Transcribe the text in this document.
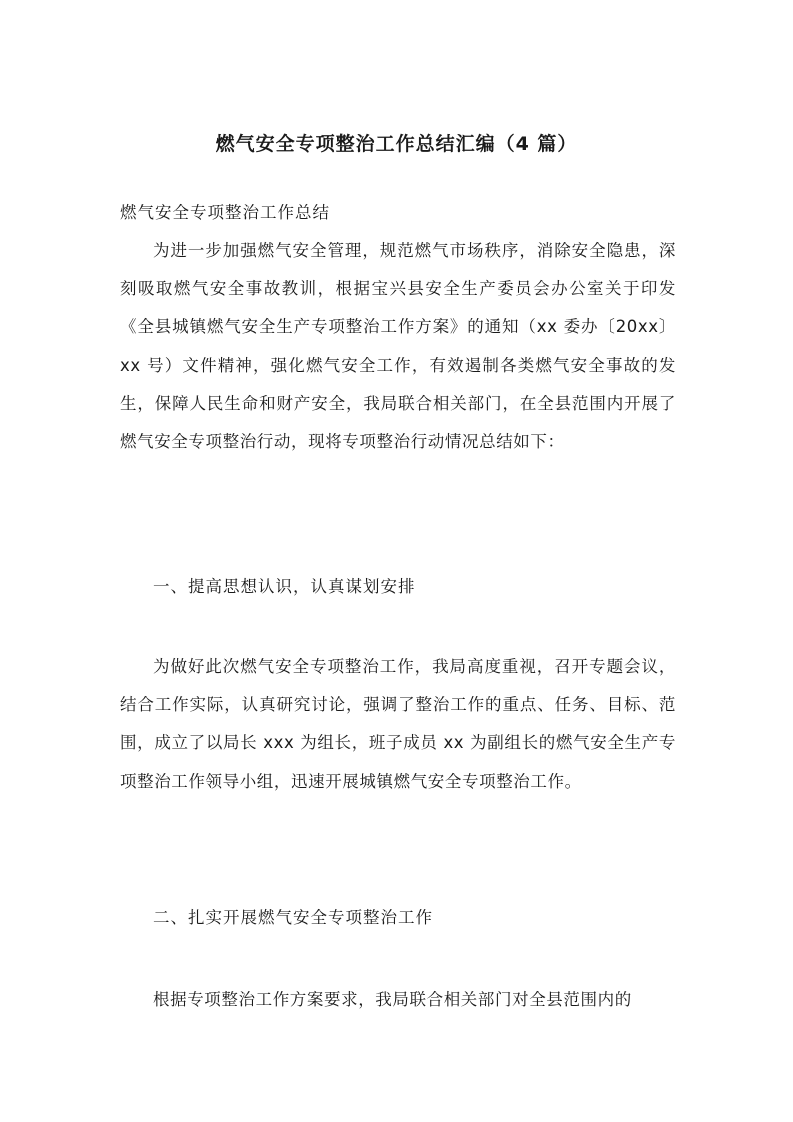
燃气安全专项整治工作总结汇编（4 篇）
燃气安全专项整治工作总结

为进一步加强燃气安全管理，规范燃气市场秩序，消除安全隐患，深刻吸取燃气安全事故教训，根据宝兴县安全生产委员会办公室关于印发《全县城镇燃气安全生产专项整治工作方案》的通知（xx 委办〔20xx〕xx 号）文件精神，强化燃气安全工作，有效遏制各类燃气安全事故的发生，保障人民生命和财产安全，我局联合相关部门，在全县范围内开展了燃气安全专项整治行动，现将专项整治行动情况总结如下：

一、提高思想认识，认真谋划安排

为做好此次燃气安全专项整治工作，我局高度重视，召开专题会议，结合工作实际，认真研究讨论，强调了整治工作的重点、任务、目标、范围，成立了以局长 xxx 为组长，班子成员 xx 为副组长的燃气安全生产专项整治工作领导小组，迅速开展城镇燃气安全专项整治工作。

二、扎实开展燃气安全专项整治工作

根据专项整治工作方案要求，我局联合相关部门对全县范围内的
